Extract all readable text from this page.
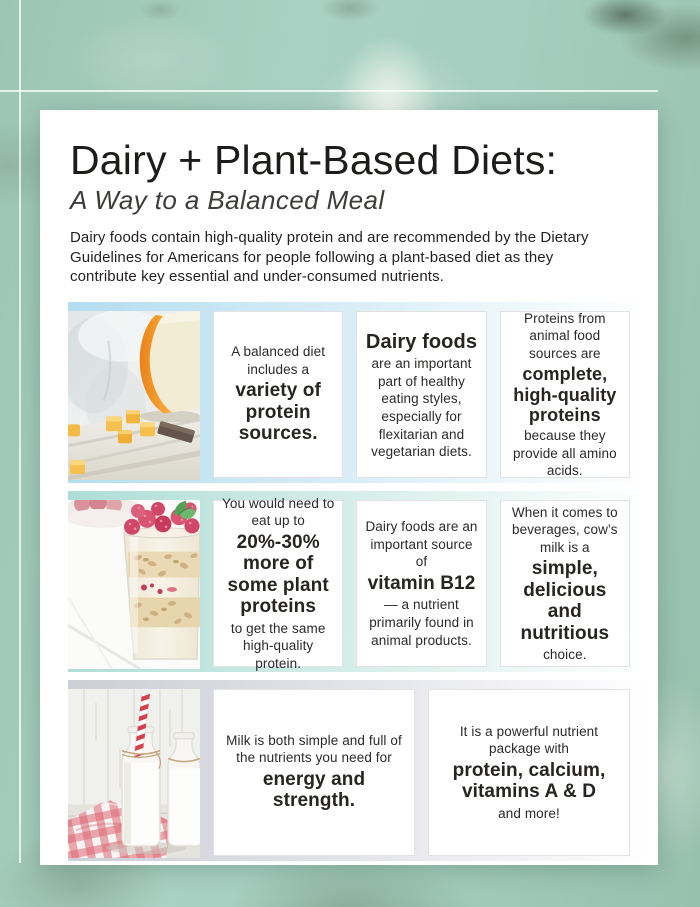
Dairy + Plant-Based Diets:
A Way to a Balanced Meal

Dairy foods contain high-quality protein and are recommended by the Dietary Guidelines for Americans for people following a plant-based diet as they contribute key essential and under-consumed nutrients.

A balanced diet includes a
variety of protein sources.
Dairy foods
are an important part of healthy eating styles, especially for flexitarian and vegetarian diets.
Proteins from animal food sources are
complete, high-quality proteins
because they provide all amino acids.
You would need to eat up to
20%-30% more of some plant proteins
to get the same high-quality protein.
Dairy foods are an important source of
vitamin B12
— a nutrient primarily found in animal products.
When it comes to beverages, cow’s milk is a
simple, delicious and nutritious
choice.
Milk is both simple and full of the nutrients you need for
energy and strength.
It is a powerful nutrient package with
protein, calcium, vitamins A & D
and more!
